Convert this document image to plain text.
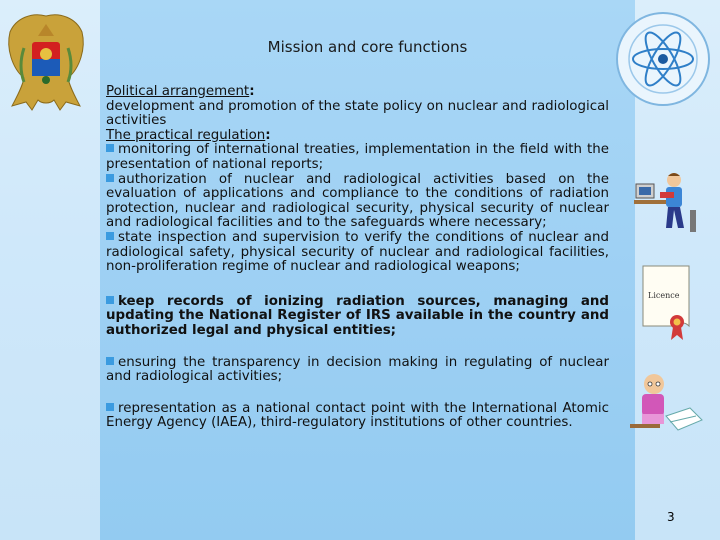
Licence
Mission and core functions

Political arrangement:

development and promotion of the state policy on nuclear and radiological activities

The practical regulation:

monitoring of international treaties, implementation in the field with the presentation of national reports;

authorization of nuclear and radiological activities based on the evaluation of applications and compliance to the conditions of radiation protection, nuclear and radiological security, physical security of nuclear and radiological facilities and to the safeguards where necessary;

state inspection and supervision to verify the conditions of nuclear and radiological safety, physical security of nuclear and radiological facilities, non-proliferation regime of nuclear and radiological weapons;

keep records of ionizing radiation sources, managing and updating the National Register of IRS available in the country and authorized legal and physical entities;

ensuring the transparency in decision making in regulating of nuclear and radiological activities;

representation as a national contact point with the International Atomic Energy Agency (IAEA), third-regulatory institutions of other countries.

3
